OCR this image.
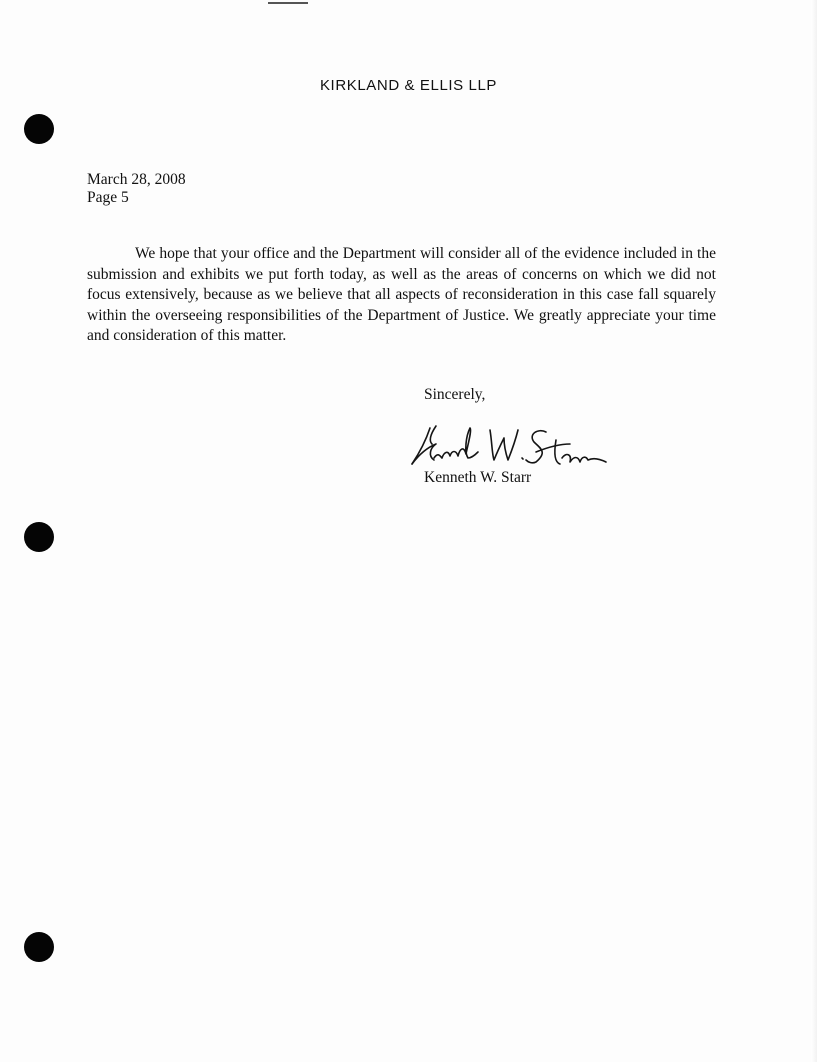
KIRKLAND & ELLIS LLP
March 28, 2008
Page 5

We hope that your office and the Department will consider all of the evidence included in the submission and exhibits we put forth today, as well as the areas of concerns on which we did not focus extensively, because as we believe that all aspects of reconsideration in this case fall squarely within the overseeing responsibilities of the Department of Justice. We greatly appreciate your time and consideration of this matter.

Sincerely,
Kenneth W. Starr
